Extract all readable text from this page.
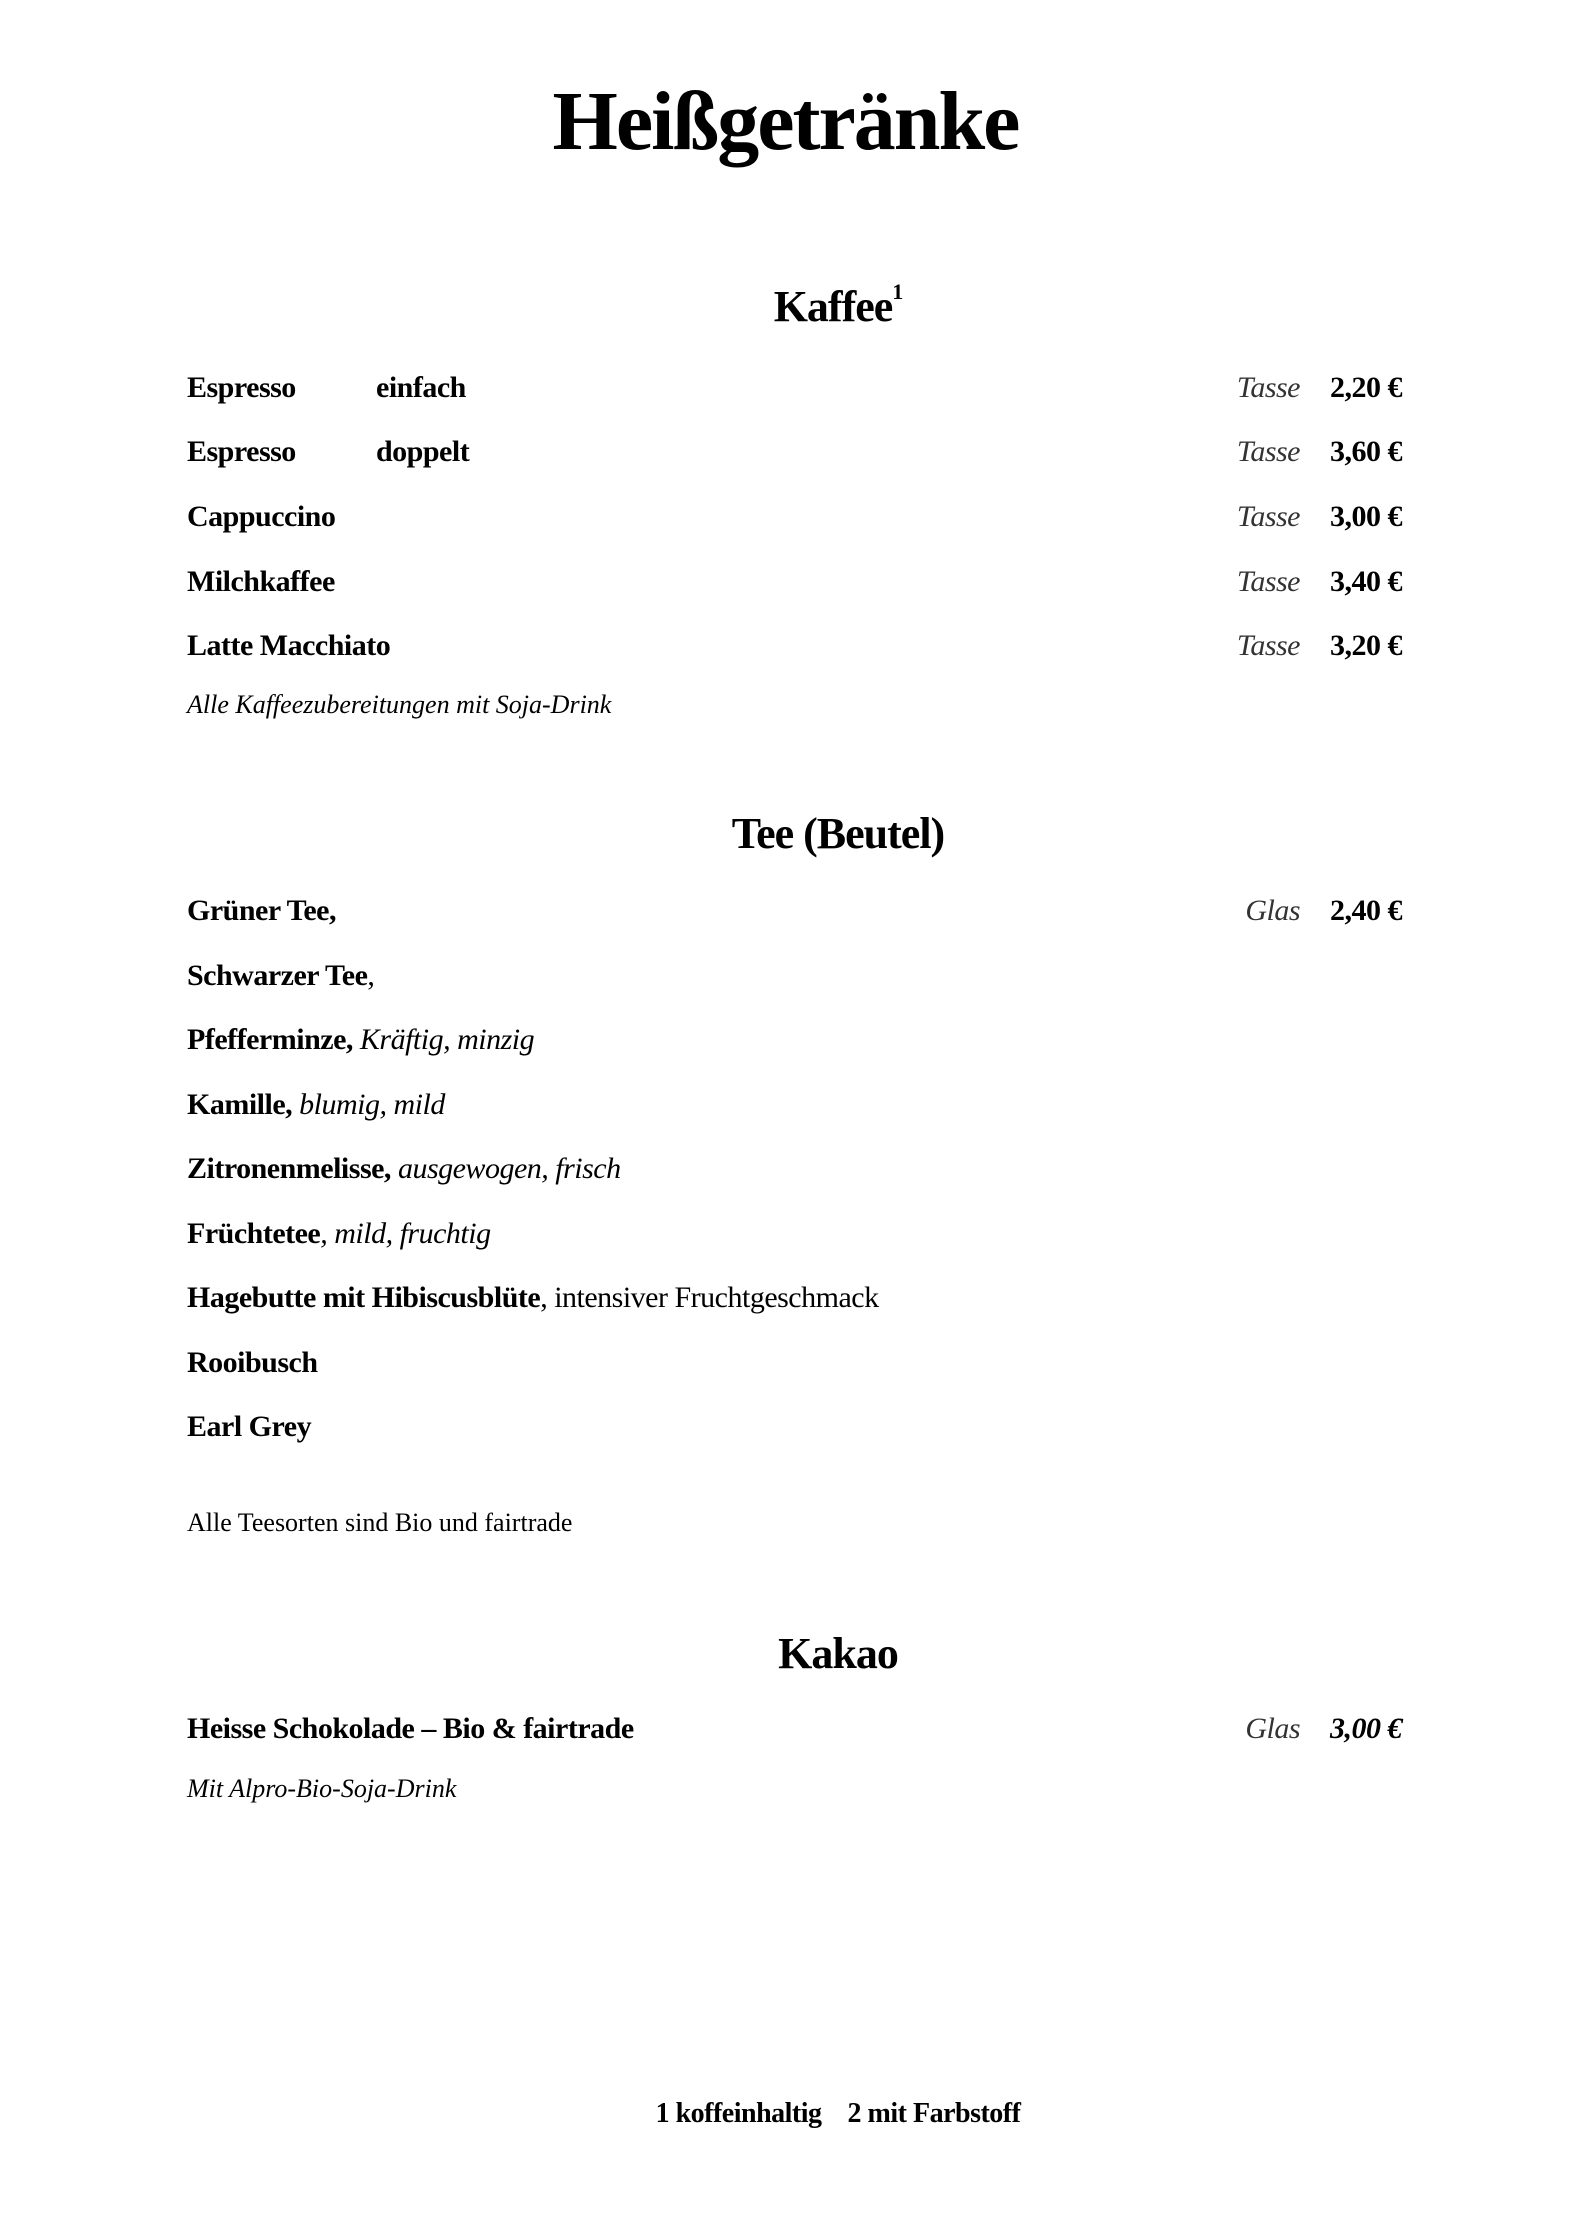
Heißgetränke
Kaffee$^1$
Espresso	einfach	Tasse 2,20 €
Espresso	doppelt	Tasse 3,60 €
Cappuccino	Tasse 3,00 €
Milchkaffee	Tasse 3,40 €
Latte Macchiato	Tasse 3,20 €
Alle Kaffeezubereitungen mit Soja-Drink
Tee (Beutel)
Grüner Tee,	Glas 2,40 €
Schwarzer Tee,
Pfefferminze, Kräftig, minzig
Kamille, blumig, mild
Zitronenmelisse, ausgewogen, frisch
Früchtetee, mild, fruchtig
Hagebutte mit Hibiscusblüte, intensiver Fruchtgeschmack
Rooibusch
Earl Grey
Alle Teesorten sind Bio und fairtrade
Kakao
Heisse Schokolade – Bio & fairtrade	Glas 3,00 €
Mit Alpro-Bio-Soja-Drink
1 koffeinhaltig 2 mit Farbstoff
